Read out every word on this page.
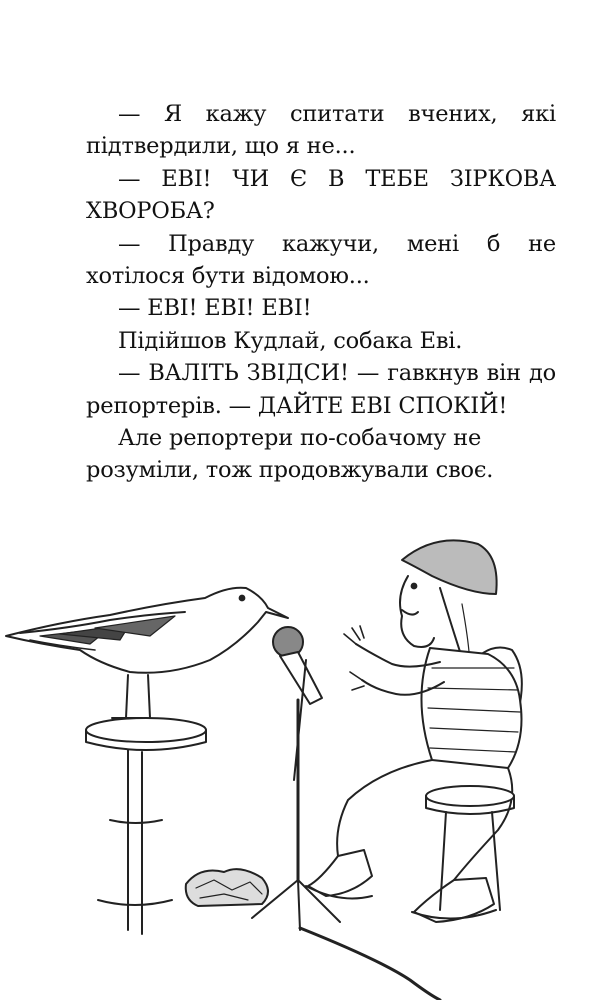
— Я кажу спитати вчених, які підтвердили, що я не...

— ЕВІ! ЧИ Є В ТЕБЕ ЗІРКОВА ХВОРОБА?

— Правду кажучи, мені б не хотілося бути відомою...

— ЕВІ! ЕВІ! ЕВІ!

Підійшов Кудлай, собака Еві.

— ВАЛІТЬ ЗВІДСИ! — гавкнув він до репортерів. — ДАЙТЕ ЕВІ СПОКІЙ!

Але репортери по-собачому не розуміли, тож продовжували своє.
